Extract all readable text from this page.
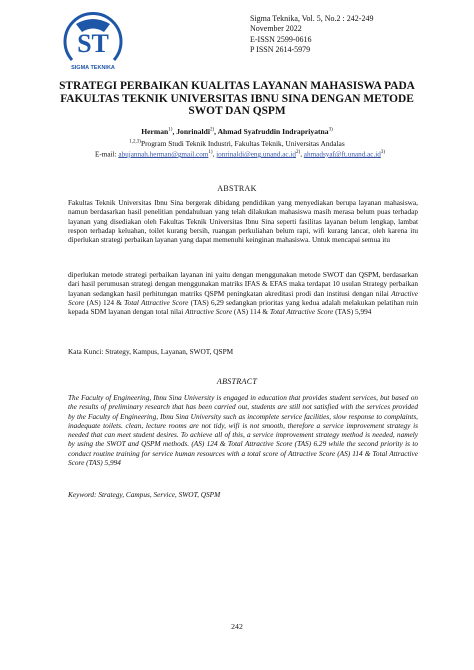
ST
SIGMA TEKNIKA
Sigma Teknika, Vol. 5, No.2 : 242-249
November 2022
E-ISSN 2599-0616
P ISSN 2614-5979
STRATEGI PERBAIKAN KUALITAS LAYANAN MAHASISWA PADA
FAKULTAS TEKNIK UNIVERSITAS IBNU SINA DENGAN METODE
SWOT DAN QSPM
Herman$^{1)}$, Jonrinaldi$^{2)}$, Ahmad Syafruddin Indrapriyatna$^{3)}$
$^{1,2,3)}$Program Studi Teknik Industri, Fakultas Teknik, Universitas Andalas
E-mail: abujannah.herman@gmail.com$^{1)}$, $jonrinaldi@eng.unand.ac.id^{2)}$, $ahmadsyaf@ft.unand.ac.id^{3)}$
ABSTRAK
Fakultas Teknik Universitas Ibnu Sina bergerak dibidang pendidikan yang menyediakan berupa layanan mahasiswa, namun berdasarkan hasil penelitian pendahuluan yang telah dilakukan mahasiswa masih merasa belum puas terhadap layanan yang disediakan oleh Fakultas Teknik Universitas Ibnu Sina seperti fasilitas layanan belum lengkap, lambat respon terhadap keluahan, toilet kurang bersih, ruangan perkuliahan belum rapi, wifi kurang lancar, oleh karena itu diperlukan strategi perbaikan layanan yang dapat memenuhi keinginan mahasiswa. Untuk mencapai semua itu
diperlukan metode strategi perbaikan layanan ini yaitu dengan menggunakan metode SWOT dan QSPM, berdasarkan dari hasil perumusan strategi dengan menggunakan matriks IFAS & EFAS maka terdapat 10 usulan Strategy perbaikan layanan sedangkan hasil perhitungan matriks QSPM peningkatan akreditasi prodi dan institusi dengan nilai Atractive Score (AS) 124 & Total Attractive Score (TAS) 6,29 sedangkan prioritas yang kedua adalah melakukan pelatihan ruin kepada SDM layanan dengan total nilai Attractive Score (AS) 114 & Total Attractive Score (TAS) 5,994
Kata Kunci: Strategy, Kampus, Layanan, SWOT, QSPM
ABSTRACT
The Faculty of Engineering, Ibnu Sina University is engaged in education that provides student services, but based on the results of preliminary research that has been carried out, students are still not satisfied with the services provided by the Faculty of Engineering, Ibnu Sina University such as incomplete service facilities, slow response to complaints, inadequate toilets. clean, lecture rooms are not tidy, wifi is not smooth, therefore a service improvement strategy is needed that can meet student desires. To achieve all of this, a service improvement strategy method is needed, namely by using the SWOT and QSPM methods. (AS) 124 & Total Attractive Score (TAS) 6.29 while the second priority is to conduct routine training for service human resources with a total score of Attractive Score (AS) 114 & Total Attractive Score (TAS) 5,994
Keyword: Strategy, Campus, Service, SWOT, QSPM
242
